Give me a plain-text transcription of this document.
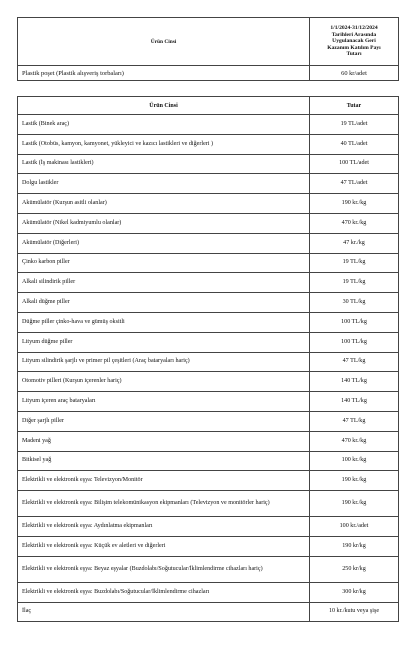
Ürün Cinsi	1/1/2024-31/12/2024
Tarihleri Arasında
Uygulanacak Geri
Kazanım Katılım Payı
Tutarı

Plastik poşet (Plastik alışveriş torbaları)	60 kr/adet
Ürün Cinsi	Tutar
Lastik (Binek araç)	19 TL/adet
Lastik (Otobüs, kamyon, kamyonet, yükleyici ve kazıcı lastikleri ve diğerleri )	40 TL/adet
Lastik (İş makinası lastikleri)	100 TL/adet
Dolgu lastikler	47 TL/adet
Akümülatör (Kurşun asitli olanlar)	190 kr./kg
Akümülatör (Nikel kadmiyumlu olanlar)	470 kr./kg
Akümülatör (Diğerleri)	47 kr./kg
Çinko karbon piller	19 TL/kg
Alkali silindirik piller	19 TL/kg
Alkali düğme piller	30 TL/kg
Düğme piller çinko-hava ve gümüş oksitli	100 TL/kg
Lityum düğme piller	100 TL/kg
Lityum silindirik şarjlı ve primer pil çeşitleri (Araç bataryaları hariç)	47 TL/kg
Otomotiv pilleri (Kurşun içerenler hariç)	140 TL/kg
Lityum içeren araç bataryaları	140 TL/kg
Diğer şarjlı piller	47 TL/kg
Madeni yağ	470 kr./kg
Bitkisel yağ	100 kr./kg
Elektrikli ve elektronik eşya: Televizyon/Monitör	190 kr./kg
Elektrikli ve elektronik eşya: Bilişim telekomünikasyon ekipmanları (Televizyon ve monitörler hariç)	190 kr./kg
Elektrikli ve elektronik eşya: Aydınlatma ekipmanları	100 kr./adet
Elektrikli ve elektronik eşya: Küçük ev aletleri ve diğerleri	190 kr/kg
Elektrikli ve elektronik eşya: Beyaz eşyalar (Buzdolabı/Soğutucular/İklimlendirme cihazları hariç)	250 kr/kg
Elektrikli ve elektronik eşya: Buzdolabı/Soğutucular/İklimlendirme cihazları	300 kr/kg
İlaç	10 kr./kutu veya şişe
